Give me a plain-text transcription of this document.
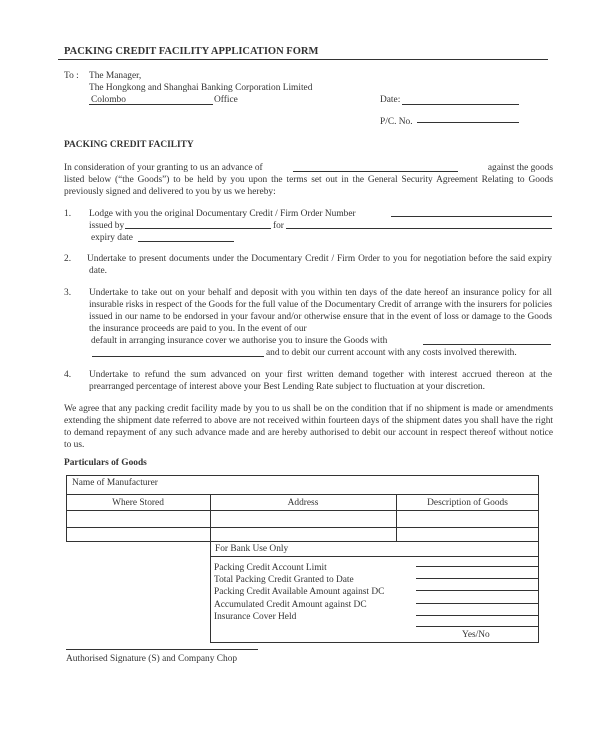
PACKING CREDIT FACILITY APPLICATION FORM
To : The Manager,
The Hongkong and Shanghai Banking Corporation Limited
Colombo	Office	Date:
P/C. No.
PACKING CREDIT FACILITY
In consideration of your granting to us an advance of	against the goods
listed below (“the Goods”) to be held by you upon the terms set out in the General Security Agreement Relating to Goods previously signed and delivered to you by us we hereby:
1. Lodge with you the original Documentary Credit / Firm Order Number
issued by	for
expiry date
2. Undertake to present documents under the Documentary Credit / Firm Order to you for negotiation before the said expiry date.
3. Undertake to take out on your behalf and deposit with you within ten days of the date hereof an insurance policy for all insurable risks in respect of the Goods for the full value of the Documentary Credit of arrange with the insurers for policies issued in our name to be endorsed in your favour and/or otherwise ensure that in the event of loss or damage to the Goods the insurance proceeds are paid to you. In the event of our
default in arranging insurance cover we authorise you to insure the Goods with
and to debit our current account with any costs involved therewith.
4. Undertake to refund the sum advanced on your first written demand together with interest accrued thereon at the prearranged percentage of interest above your Best Lending Rate subject to fluctuation at your discretion.
We agree that any packing credit facility made by you to us shall be on the condition that if no shipment is made or amendments extending the shipment date referred to above are not received within fourteen days of the shipment dates you shall have the right to demand repayment of any such advance made and are hereby authorised to debit our account in respect thereof without notice to us.
Particulars of Goods
Name of Manufacturer
Where Stored	Address	Description of Goods
For Bank Use Only
Packing Credit Account Limit
Total Packing Credit Granted to Date
Packing Credit Available Amount against DC
Accumulated Credit Amount against DC
Insurance Cover Held
Yes/No
Authorised Signature (S) and Company Chop
